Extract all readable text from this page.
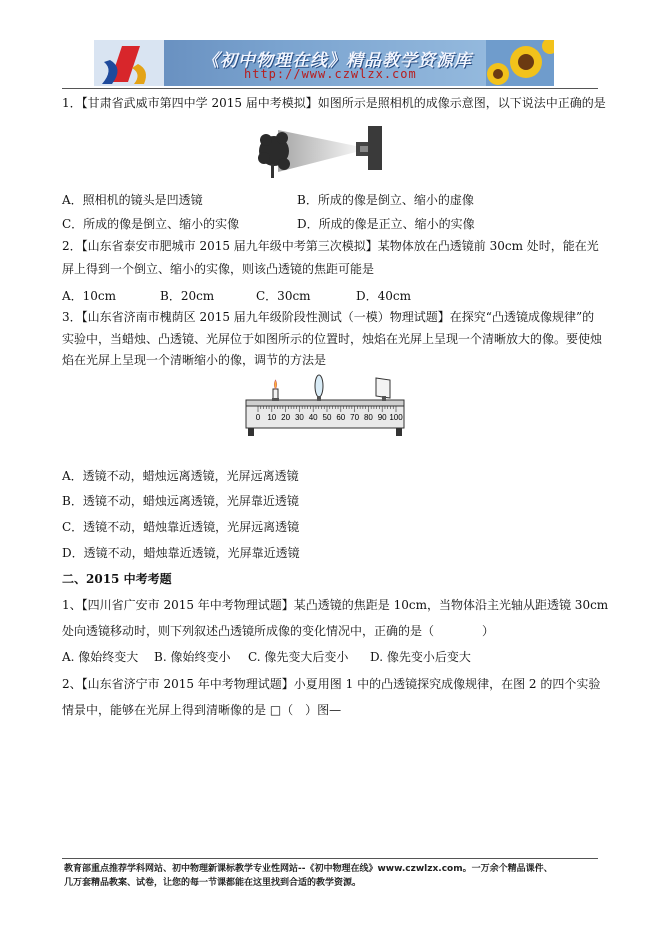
《初中物理在线》精品教学资源库
http://www.czwlzx.com
1．【甘肃省武威市第四中学 2015 届中考模拟】如图所示是照相机的成像示意图，以下说法中正确的是
A．照相机的镜头是凹透镜	B．所成的像是倒立、缩小的虚像
C．所成的像是倒立、缩小的实像	D．所成的像是正立、缩小的实像
2．【山东省泰安市肥城市 2015 届九年级中考第三次模拟】某物体放在凸透镜前 30cm 处时，能在光
屏上得到一个倒立、缩小的实像，则该凸透镜的焦距可能是
A．10cm	B．20cm	C．30cm	D．40cm
3．【山东省济南市槐荫区 2015 届九年级阶段性测试（一模）物理试题】在探究“凸透镜成像规律”的
实验中，当蜡烛、凸透镜、光屏位于如图所示的位置时，烛焰在光屏上呈现一个清晰放大的像。要使烛
焰在光屏上呈现一个清晰缩小的像，调节的方法是
0 10 20 30 40 50 60 70 80 90 100
A．透镜不动，蜡烛远离透镜，光屏远离透镜
B．透镜不动，蜡烛远离透镜，光屏靠近透镜
C．透镜不动，蜡烛靠近透镜，光屏远离透镜
D．透镜不动，蜡烛靠近透镜，光屏靠近透镜
二、2015 中考考题
1、【四川省广安市 2015 年中考物理试题】某凸透镜的焦距是 10cm，当物体沿主光轴从距透镜 30cm
处向透镜移动时，则下列叙述凸透镜所成像的变化情况中，正确的是（　　　　）
A. 像始终变大 B. 像始终变小 C. 像先变大后变小 D. 像先变小后变大
2、【山东省济宁市 2015 年中考物理试题】小夏用图 1 中的凸透镜探究成像规律，在图 2 的四个实验
情景中，能够在光屏上得到清晰像的是 □（　）图—
教育部重点推荐学科网站、初中物理新课标教学专业性网站--《初中物理在线》www.czwlzx.com。一万余个精品课件、
几万套精品教案、试卷，让您的每一节课都能在这里找到合适的教学资源。
